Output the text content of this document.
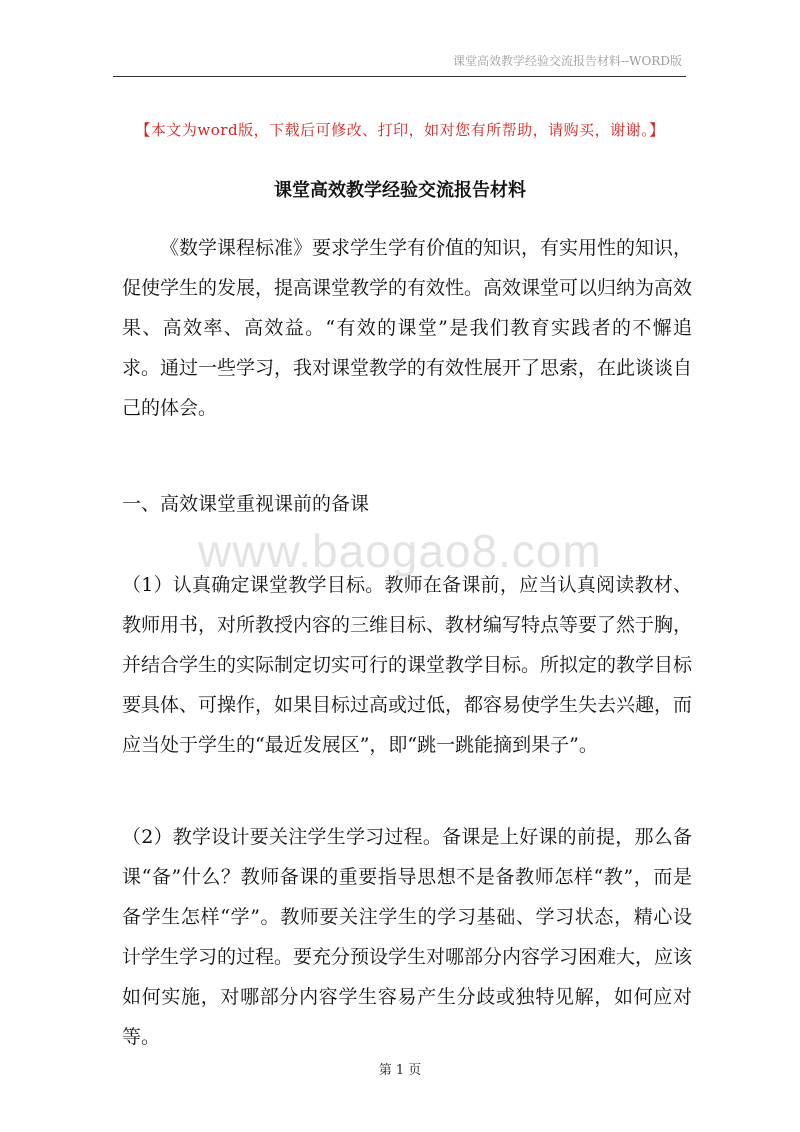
课堂高效教学经验交流报告材料--WORD版
【本文为word版，下载后可修改、打印，如对您有所帮助，请购买，谢谢。】
课堂高效教学经验交流报告材料

《数学课程标准》要求学生学有价值的知识，有实用性的知识，促使学生的发展，提高课堂教学的有效性。高效课堂可以归纳为高效果、高效率、高效益。“有效的课堂”是我们教育实践者的不懈追求。通过一些学习，我对课堂教学的有效性展开了思索，在此谈谈自己的体会。

一、高效课堂重视课前的备课

www.baogao8.com

（1）认真确定课堂教学目标。教师在备课前，应当认真阅读教材、教师用书，对所教授内容的三维目标、教材编写特点等要了然于胸，并结合学生的实际制定切实可行的课堂教学目标。所拟定的教学目标要具体、可操作，如果目标过高或过低，都容易使学生失去兴趣，而应当处于学生的“最近发展区”，即“跳一跳能摘到果子”。

（2）教学设计要关注学生学习过程。备课是上好课的前提，那么备课“备”什么？教师备课的重要指导思想不是备教师怎样“教”，而是备学生怎样“学”。教师要关注学生的学习基础、学习状态，精心设计学生学习的过程。要充分预设学生对哪部分内容学习困难大，应该如何实施，对哪部分内容学生容易产生分歧或独特见解，如何应对等。

第 1 页
